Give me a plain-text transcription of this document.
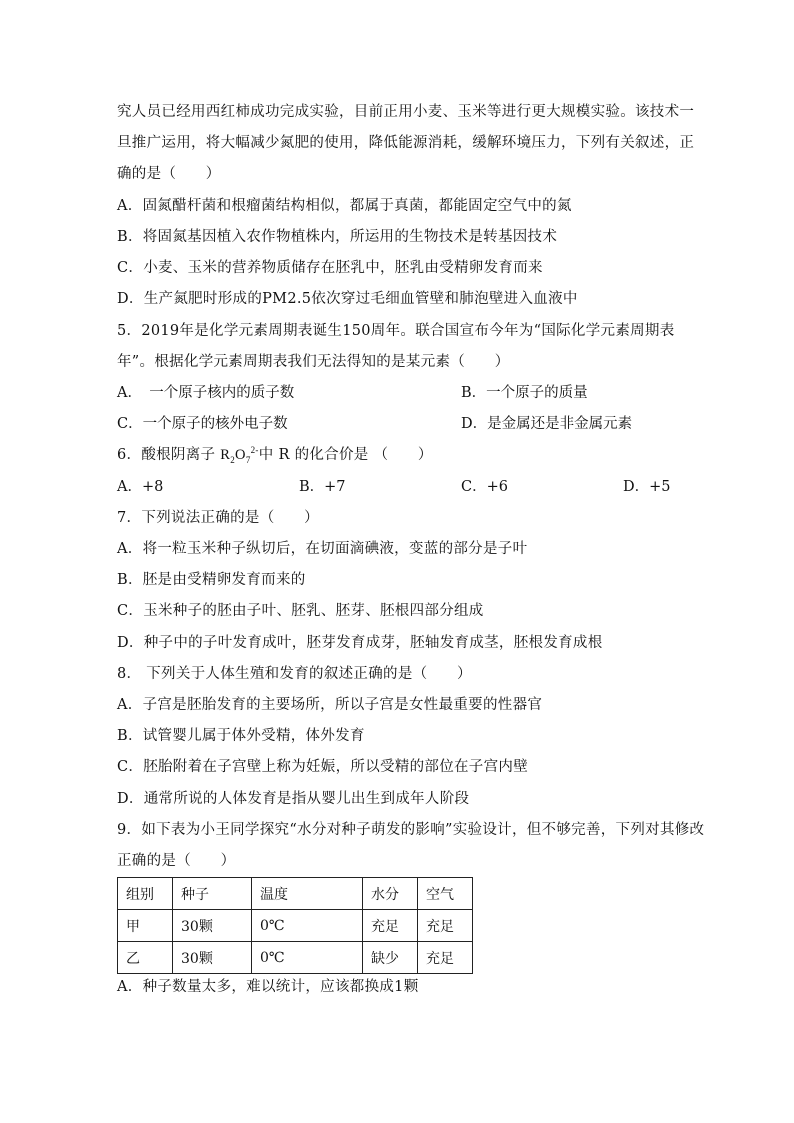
究人员已经用西红柿成功完成实验，目前正用小麦、玉米等进行更大规模实验。该技术一
旦推广运用，将大幅减少氮肥的使用，降低能源消耗，缓解环境压力，下列有关叙述，正
确的是（　　）
A．固氮醋杆菌和根瘤菌结构相似，都属于真菌，都能固定空气中的氮
B．将固氮基因植入农作物植株内，所运用的生物技术是转基因技术
C．小麦、玉米的营养物质储存在胚乳中，胚乳由受精卵发育而来
D．生产氮肥时形成的PM2.5依次穿过毛细血管壁和肺泡壁进入血液中
5．2019年是化学元素周期表诞生150周年。联合国宣布今年为“国际化学元素周期表
年”。根据化学元素周期表我们无法得知的是某元素（　　）
A．　一个原子核内的质子数	B．一个原子的质量
C．一个原子的核外电子数	D．是金属还是非金属元素
6．酸根阴离子 $R_2O_7^{2-}$中 R 的化合价是 （　　）
A．+8	B．+7	C．+6	D．+5
7．下列说法正确的是（　　）
A．将一粒玉米种子纵切后，在切面滴碘液，变蓝的部分是子叶
B．胚是由受精卵发育而来的
C．玉米种子的胚由子叶、胚乳、胚芽、胚根四部分组成
D．种子中的子叶发育成叶，胚芽发育成芽，胚轴发育成茎，胚根发育成根
8． 下列关于人体生殖和发育的叙述正确的是（　　）
A．子宫是胚胎发育的主要场所，所以子宫是女性最重要的性器官
B．试管婴儿属于体外受精，体外发育
C．胚胎附着在子宫壁上称为妊娠，所以受精的部位在子宫内壁
D．通常所说的人体发育是指从婴儿出生到成年人阶段
9．如下表为小王同学探究“水分对种子萌发的影响”实验设计，但不够完善，下列对其修改
正确的是（　　）
组别	种子	温度	水分	空气
甲	30颗	0℃	充足	充足
乙	30颗	0℃	缺少	充足
A．种子数量太多，难以统计，应该都换成1颗
